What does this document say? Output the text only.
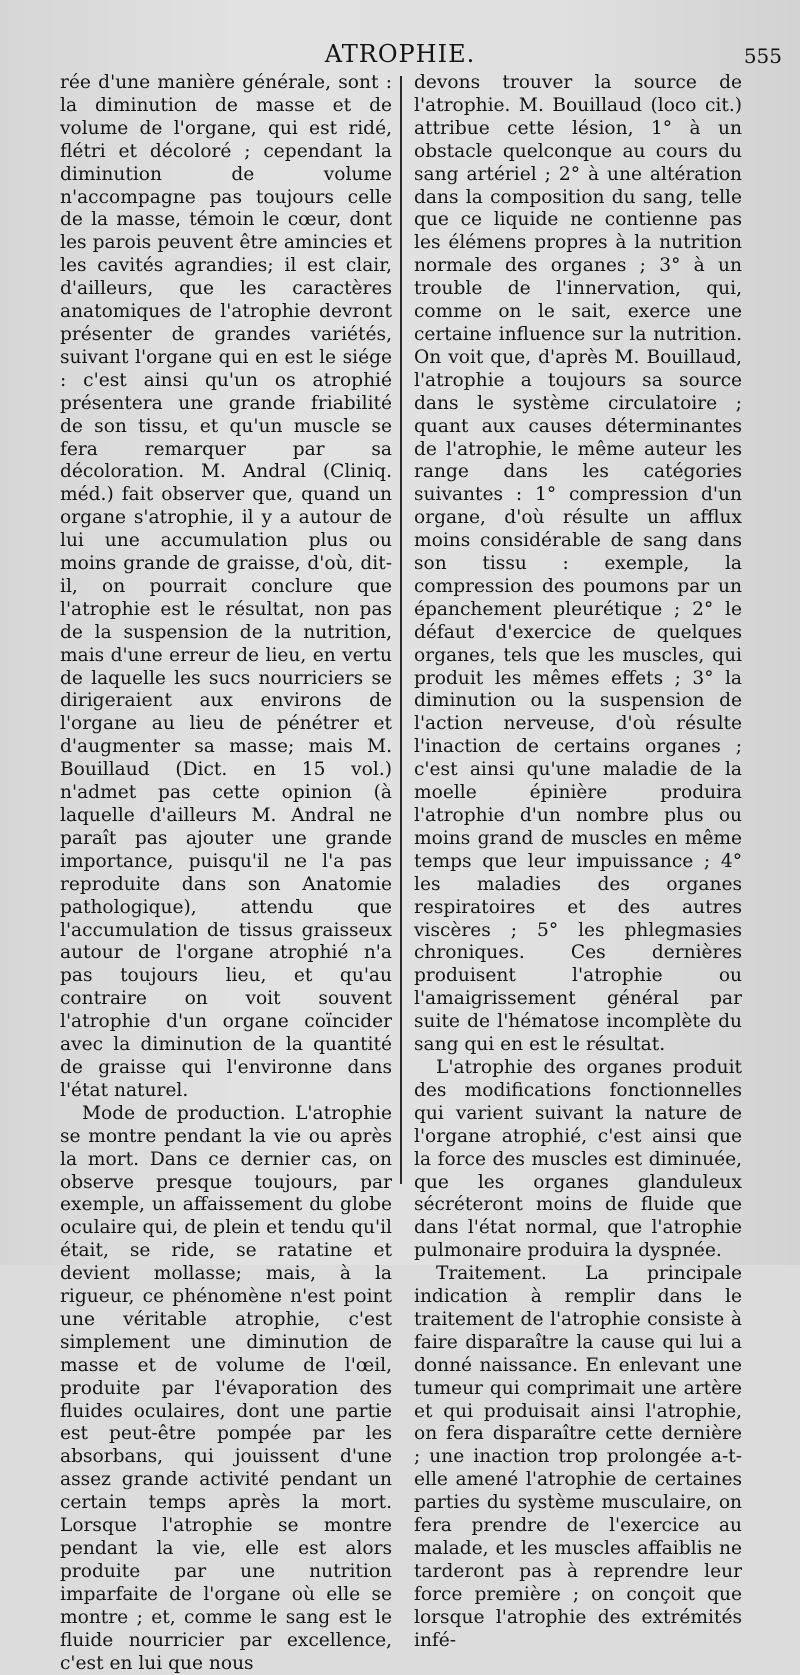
ATROPHIE.	555

rée d'une manière générale, sont : la diminution de masse et de volume de l'organe, qui est ridé, flétri et décoloré ; cependant la diminution de volume n'accompagne pas toujours celle de la masse, témoin le cœur, dont les parois peuvent être amincies et les cavités agrandies; il est clair, d'ailleurs, que les caractères anatomiques de l'atrophie devront présenter de grandes variétés, suivant l'organe qui en est le siége : c'est ainsi qu'un os atrophié présentera une grande friabilité de son tissu, et qu'un muscle se fera remarquer par sa décoloration. M. Andral (Cliniq. méd.) fait observer que, quand un organe s'atrophie, il y a autour de lui une accumulation plus ou moins grande de graisse, d'où, dit-il, on pourrait conclure que l'atrophie est le résultat, non pas de la suspension de la nutrition, mais d'une erreur de lieu, en vertu de laquelle les sucs nourriciers se dirigeraient aux environs de l'organe au lieu de pénétrer et d'augmenter sa masse; mais M. Bouillaud (Dict. en 15 vol.) n'admet pas cette opinion (à laquelle d'ailleurs M. Andral ne paraît pas ajouter une grande importance, puisqu'il ne l'a pas reproduite dans son Anatomie pathologique), attendu que l'accumulation de tissus graisseux autour de l'organe atrophié n'a pas toujours lieu, et qu'au contraire on voit souvent l'atrophie d'un organe coïncider avec la diminution de la quantité de graisse qui l'environne dans l'état naturel.

Mode de production. L'atrophie se montre pendant la vie ou après la mort. Dans ce dernier cas, on observe presque toujours, par exemple, un affaissement du globe oculaire qui, de plein et tendu qu'il était, se ride, se ratatine et devient mollasse; mais, à la rigueur, ce phénomène n'est point une véritable atrophie, c'est simplement une diminution de masse et de volume de l'œil, produite par l'évaporation des fluides oculaires, dont une partie est peut-être pompée par les absorbans, qui jouissent d'une assez grande activité pendant un certain temps après la mort. Lorsque l'atrophie se montre pendant la vie, elle est alors produite par une nutrition imparfaite de l'organe où elle se montre ; et, comme le sang est le fluide nourricier par excellence, c'est en lui que nous

devons trouver la source de l'atrophie. M. Bouillaud (loco cit.) attribue cette lésion, 1° à un obstacle quelconque au cours du sang artériel ; 2° à une altération dans la composition du sang, telle que ce liquide ne contienne pas les élémens propres à la nutrition normale des organes ; 3° à un trouble de l'innervation, qui, comme on le sait, exerce une certaine influence sur la nutrition. On voit que, d'après M. Bouillaud, l'atrophie a toujours sa source dans le système circulatoire ; quant aux causes déterminantes de l'atrophie, le même auteur les range dans les catégories suivantes : 1° compression d'un organe, d'où résulte un afflux moins considérable de sang dans son tissu : exemple, la compression des poumons par un épanchement pleurétique ; 2° le défaut d'exercice de quelques organes, tels que les muscles, qui produit les mêmes effets ; 3° la diminution ou la suspension de l'action nerveuse, d'où résulte l'inaction de certains organes ; c'est ainsi qu'une maladie de la moelle épinière produira l'atrophie d'un nombre plus ou moins grand de muscles en même temps que leur impuissance ; 4° les maladies des organes respiratoires et des autres viscères ; 5° les phlegmasies chroniques. Ces dernières produisent l'atrophie ou l'amaigrissement général par suite de l'hématose incomplète du sang qui en est le résultat.

L'atrophie des organes produit des modifications fonctionnelles qui varient suivant la nature de l'organe atrophié, c'est ainsi que la force des muscles est diminuée, que les organes glanduleux sécréteront moins de fluide que dans l'état normal, que l'atrophie pulmonaire produira la dyspnée.

Traitement. La principale indication à remplir dans le traitement de l'atrophie consiste à faire disparaître la cause qui lui a donné naissance. En enlevant une tumeur qui comprimait une artère et qui produisait ainsi l'atrophie, on fera disparaître cette dernière ; une inaction trop prolongée a-t-elle amené l'atrophie de certaines parties du système musculaire, on fera prendre de l'exercice au malade, et les muscles affaiblis ne tarderont pas à reprendre leur force première ; on conçoit que lorsque l'atrophie des extrémités infé-
